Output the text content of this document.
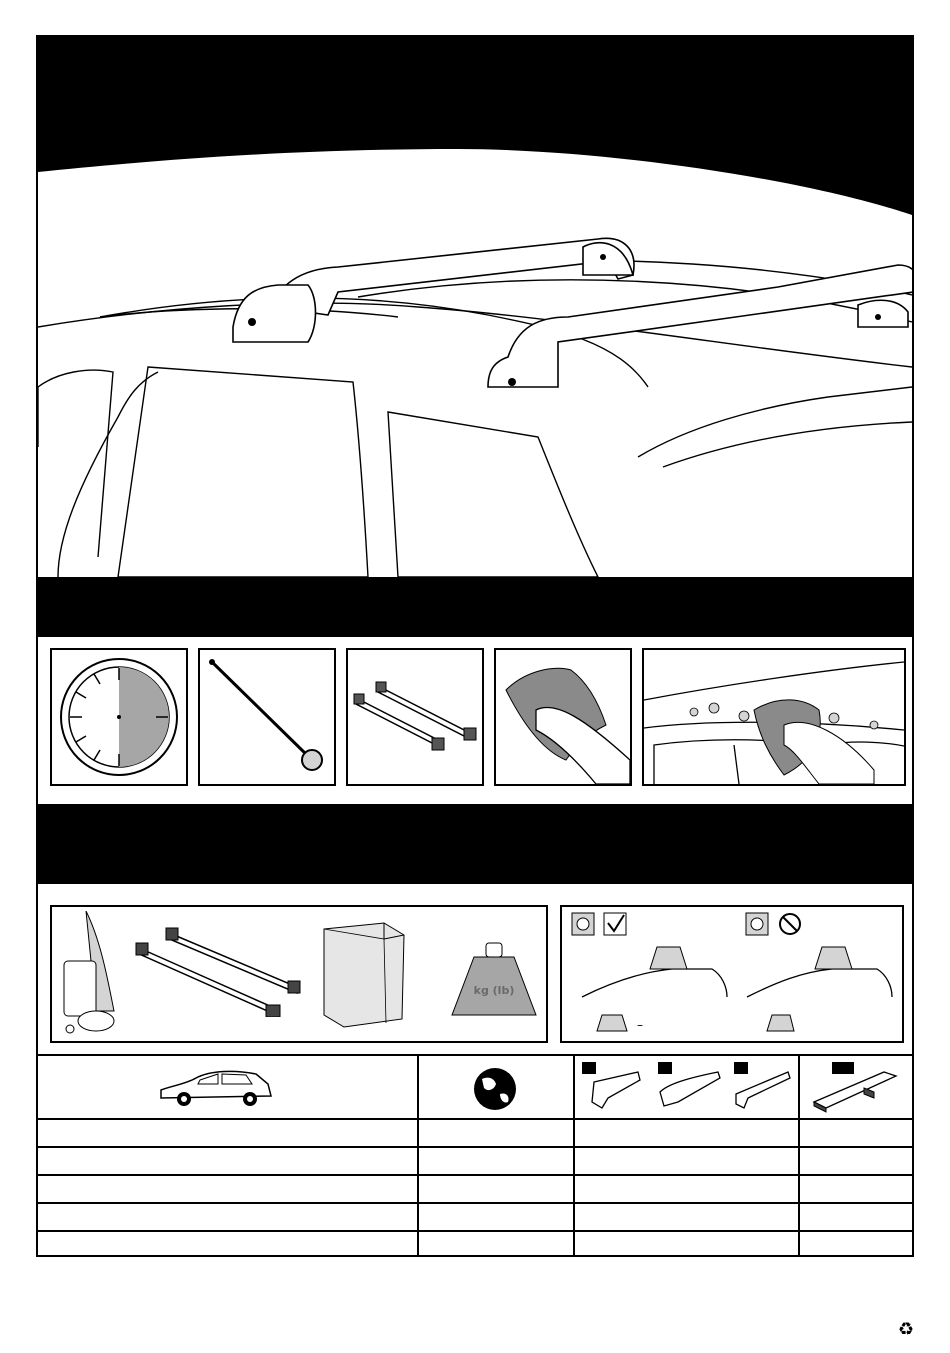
kg (lb)
–
♻
